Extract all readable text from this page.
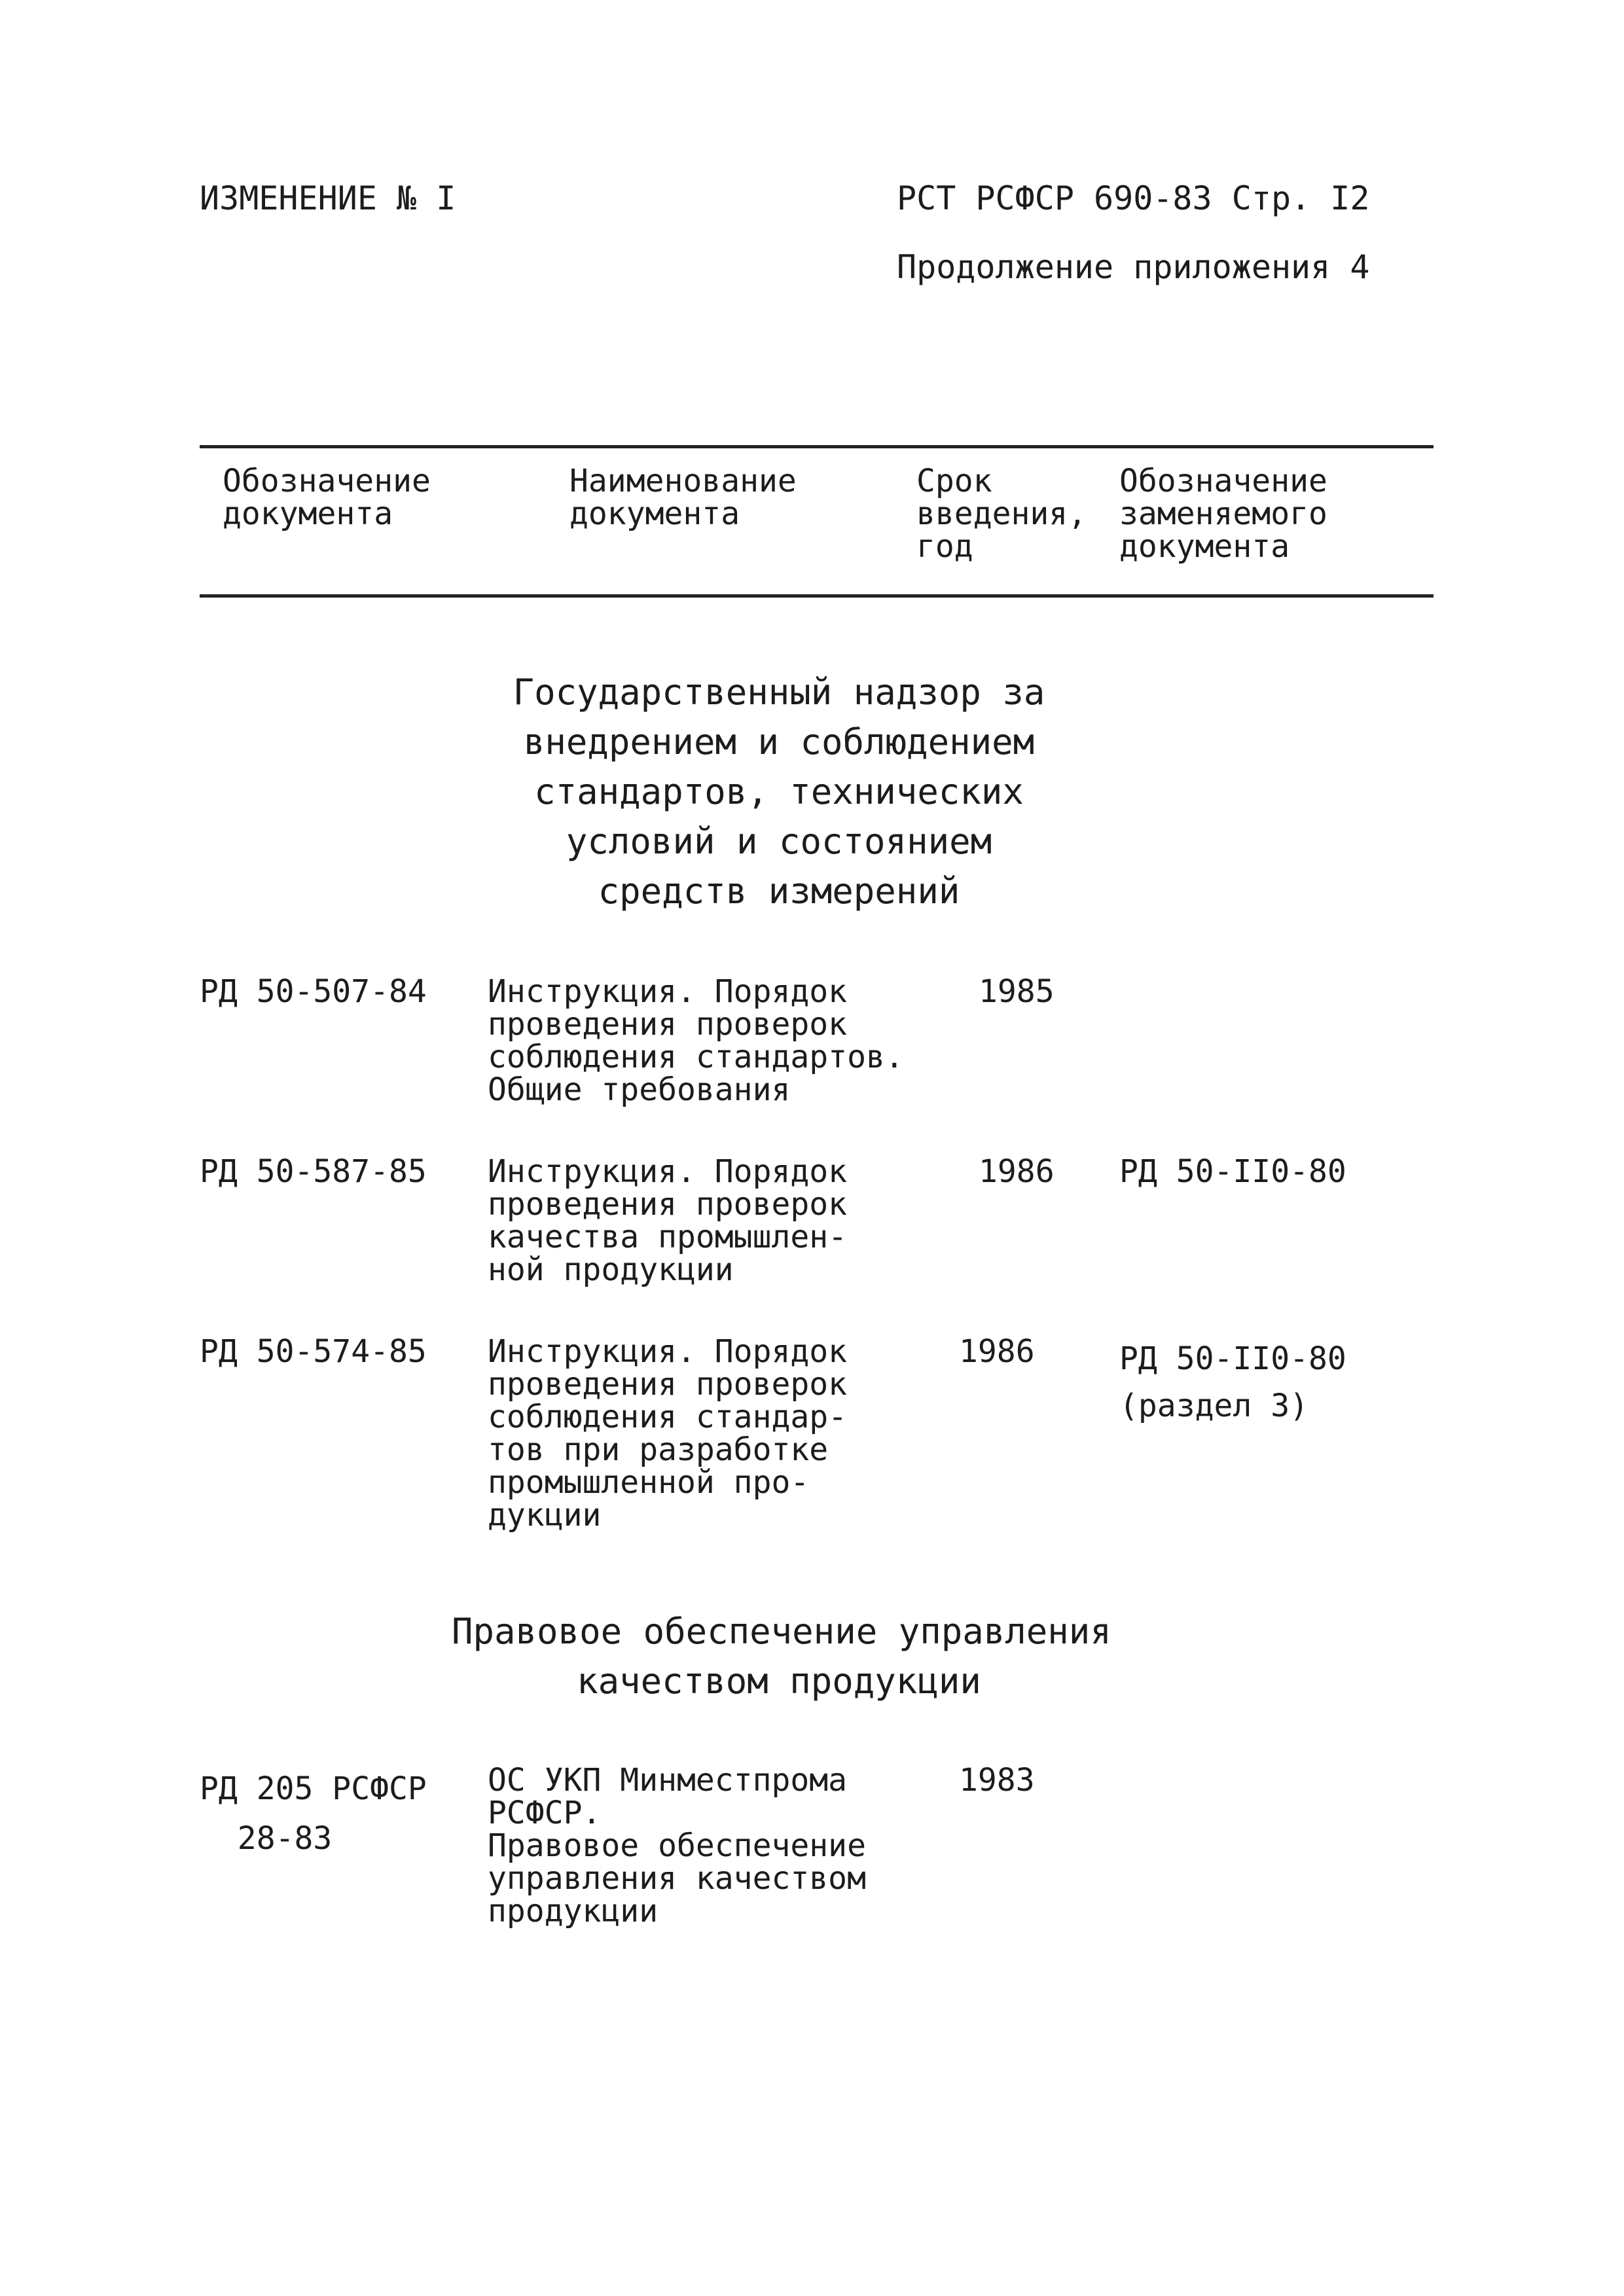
ИЗМЕНЕНИЕ № I	РСТ РСФСР 690-83 Стр. I2
Продолжение приложения 4
Обозначение
документа
Наименование
документа
Срок
введения,
год
Обозначение
заменяемого
документа
Государственный надзор за
внедрением и соблюдением
стандартов, технических
условий и состоянием
средств измерений
РД 50-507-84 Инструкция. Порядок
проведения проверок
соблюдения стандартов.
Общие требования
1985
РД 50-587-85 Инструкция. Порядок
проведения проверок
качества промышлен-
ной продукции
1986 РД 50-II0-80
РД 50-574-85 Инструкция. Порядок
проведения проверок
соблюдения стандар-
тов при разработке
промышленной про-
дукции
1986	РД 50-II0-80
(раздел 3)
Правовое обеспечение управления
качеством продукции
РД 205 РСФСР
28-83
ОС УКП Минместпрома
РСФСР.
Правовое обеспечение
управления качеством
продукции
1983
